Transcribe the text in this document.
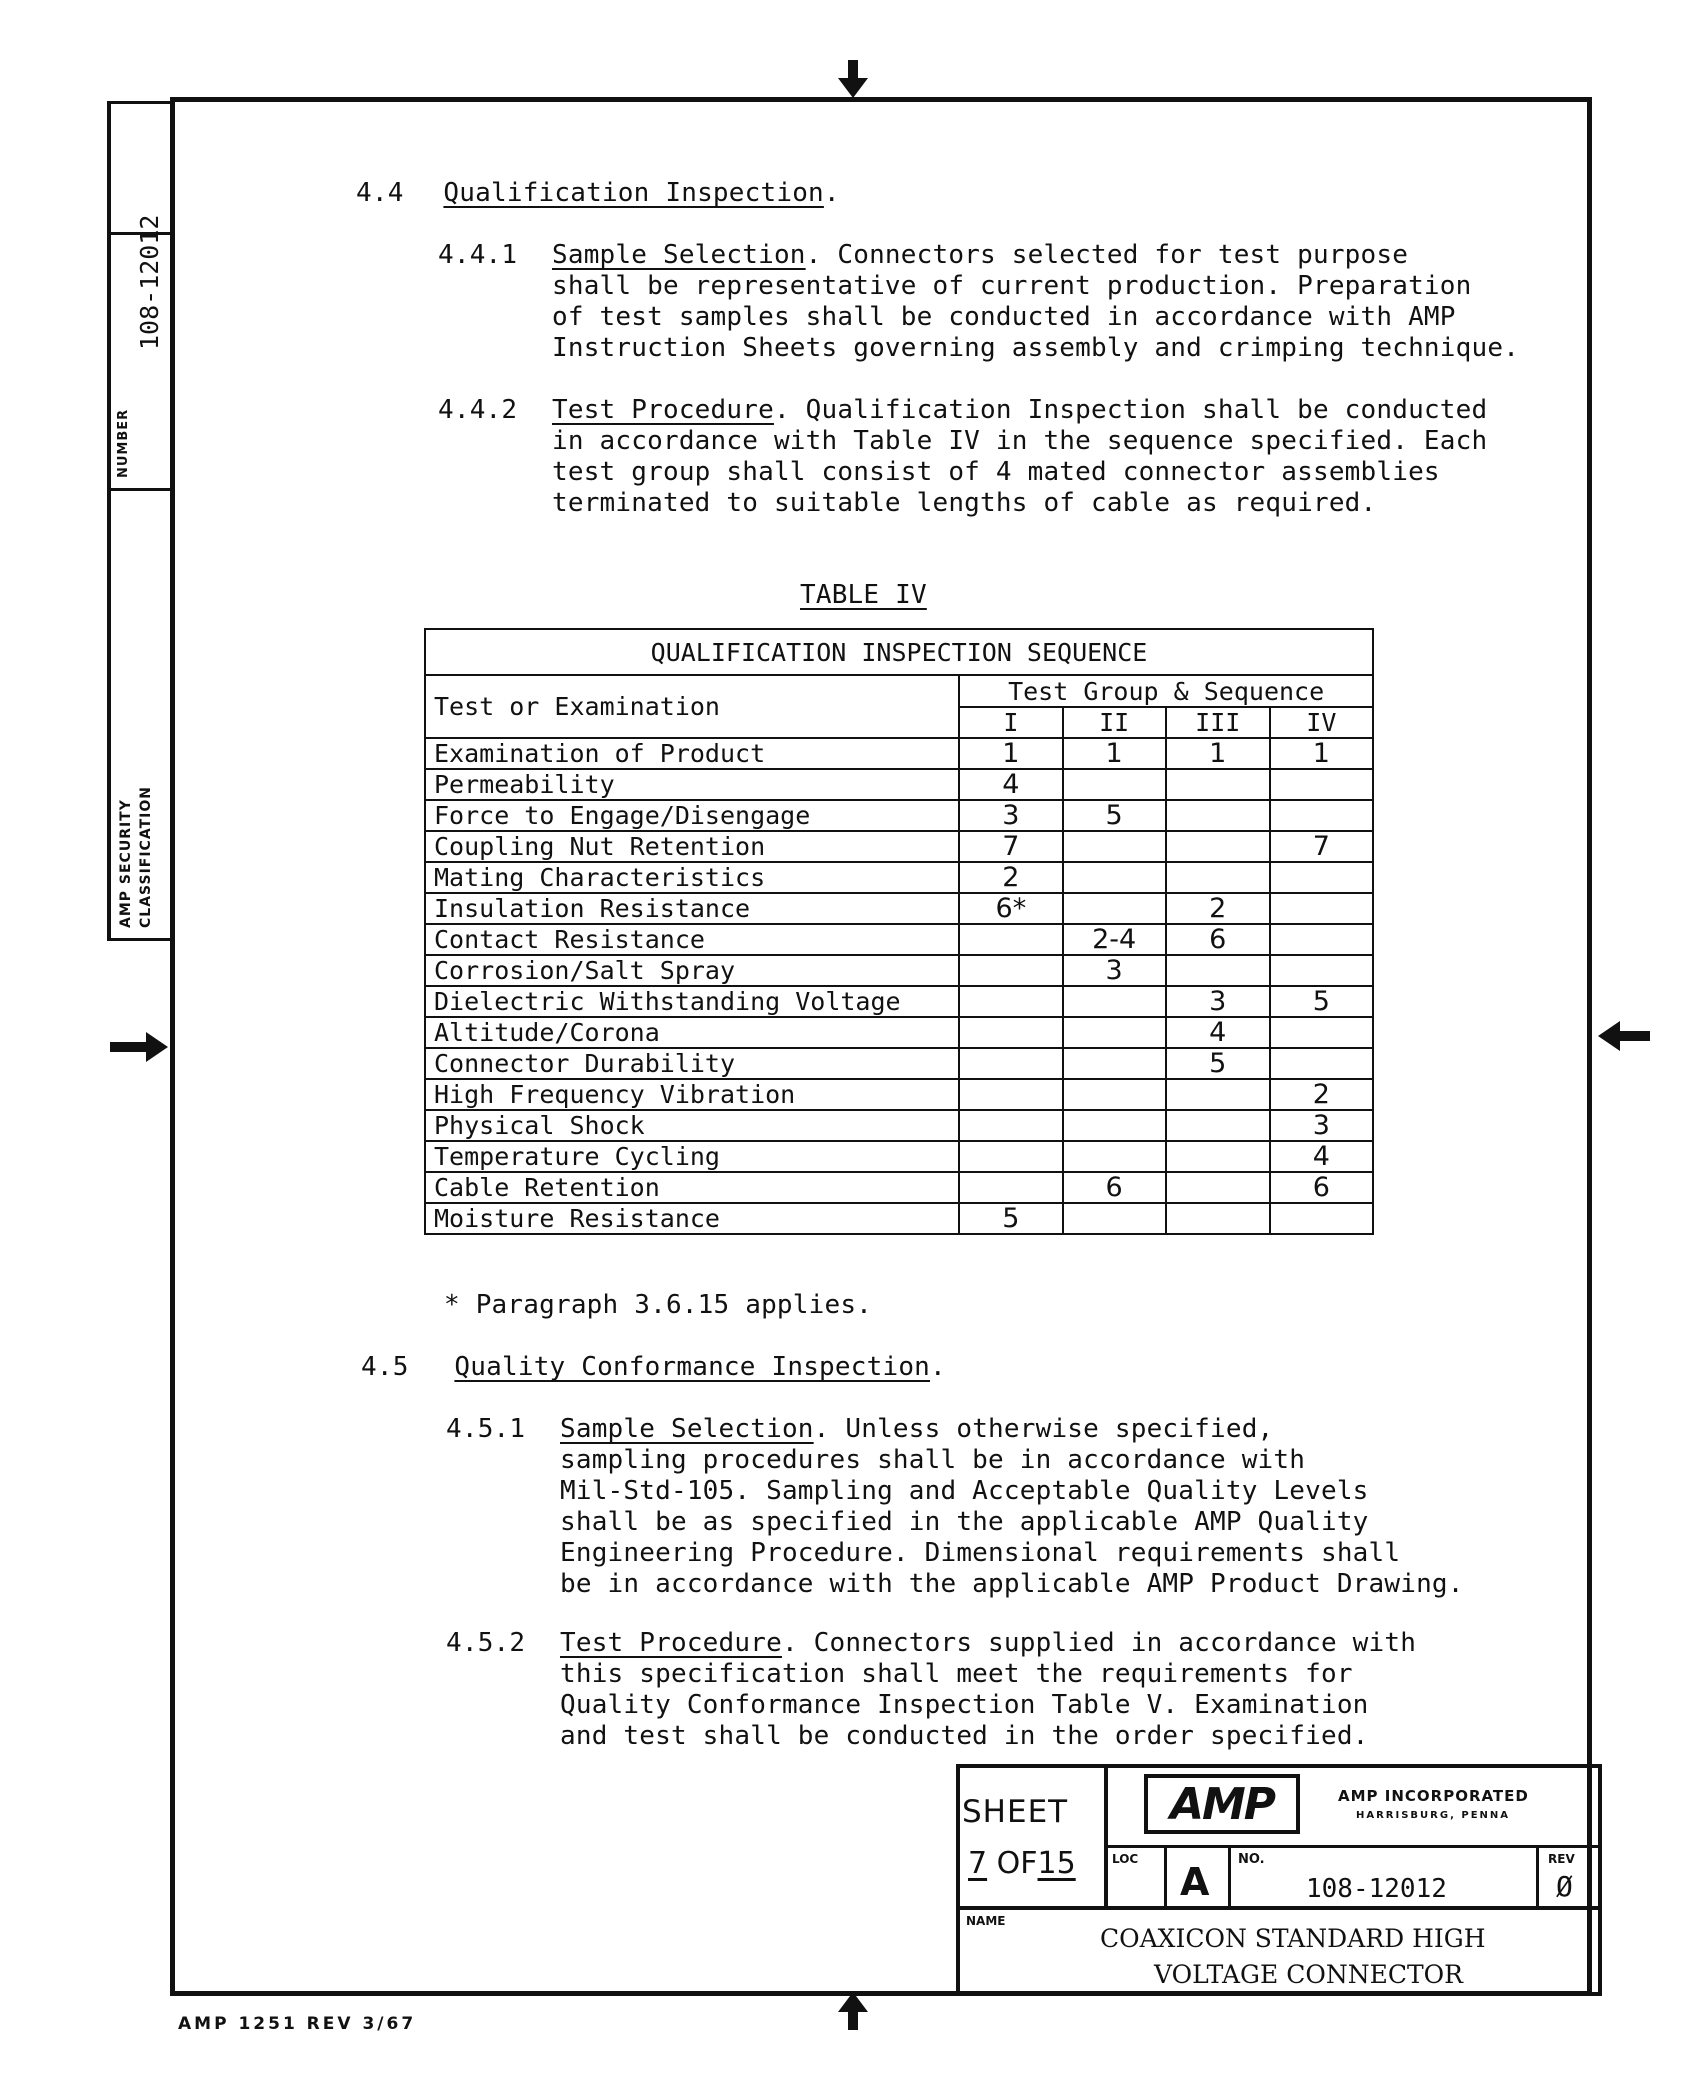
NUMBER
108-12012
AMP SECURITY CLASSIFICATION
4.4 Qualification Inspection.
4.4.1 Sample Selection. Connectors selected for test purpose
shall be representative of current production. Preparation
of test samples shall be conducted in accordance with AMP
Instruction Sheets governing assembly and crimping technique.
4.4.2 Test Procedure. Qualification Inspection shall be conducted
in accordance with Table IV in the sequence specified. Each
test group shall consist of 4 mated connector assemblies
terminated to suitable lengths of cable as required.
TABLE IV
QUALIFICATION INSPECTION SEQUENCE				
Test or Examination	Test Group & Sequence			
	I	II	III	IV
Examination of Product	1	1	1	1
Permeability	4			
Force to Engage/Disengage	3	5		
Coupling Nut Retention	7			7
Mating Characteristics	2			
Insulation Resistance	6*		2	
Contact Resistance		2-4	6	
Corrosion/Salt Spray		3		
Dielectric Withstanding Voltage			3	5
Altitude/Corona			4	
Connector Durability			5	
High Frequency Vibration				2
Physical Shock				3
Temperature Cycling				4
Cable Retention		6		6
Moisture Resistance	5			
* Paragraph 3.6.15 applies.
4.5 Quality Conformance Inspection.
4.5.1 Sample Selection. Unless otherwise specified,
sampling procedures shall be in accordance with
Mil-Std-105. Sampling and Acceptable Quality Levels
shall be as specified in the applicable AMP Quality
Engineering Procedure. Dimensional requirements shall
be in accordance with the applicable AMP Product Drawing.
4.5.2 Test Procedure. Connectors supplied in accordance with
this specification shall meet the requirements for
Quality Conformance Inspection Table V. Examination
and test shall be conducted in the order specified.
SHEET
7 OF15
AMP	AMP INCORPORATED
HARRISBURG, PENNA
LOC
A
NO.
108-12012
REV
Ø
NAME
COAXICON STANDARD HIGH
VOLTAGE CONNECTOR
AMP 1251 REV 3/67
